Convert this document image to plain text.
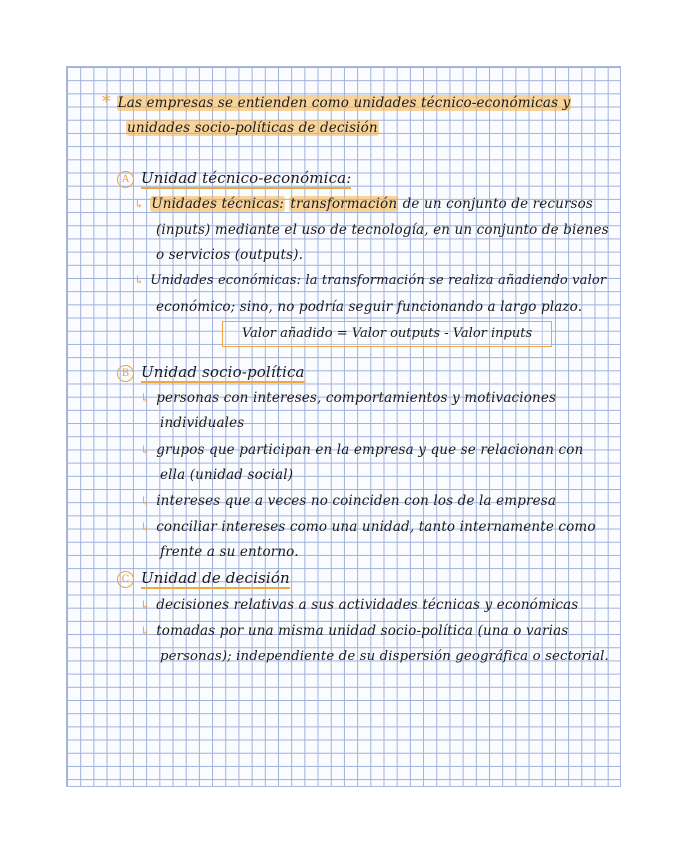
* Las empresas se entienden como unidades técnico-económicas y
unidades socio-políticas de decisión
A Unidad técnico-económica:
↳ Unidades técnicas: transformación de un conjunto de recursos
(inputs) mediante el uso de tecnología, en un conjunto de bienes
o servicios (outputs).
↳ Unidades económicas: la transformación se realiza añadiendo valor
económico; sino, no podría seguir funcionando a largo plazo.
Valor añadido = Valor outputs - Valor inputs
B Unidad socio-política
↳ personas con intereses, comportamientos y motivaciones
individuales
↳ grupos que participan en la empresa y que se relacionan con
ella (unidad social)
↳ intereses que a veces no coinciden con los de la empresa
↳ conciliar intereses como una unidad, tanto internamente como
frente a su entorno.
C Unidad de decisión
↳ decisiones relativas a sus actividades técnicas y económicas
↳ tomadas por una misma unidad socio-política (una o varias
personas); independiente de su dispersión geográfica o sectorial.
